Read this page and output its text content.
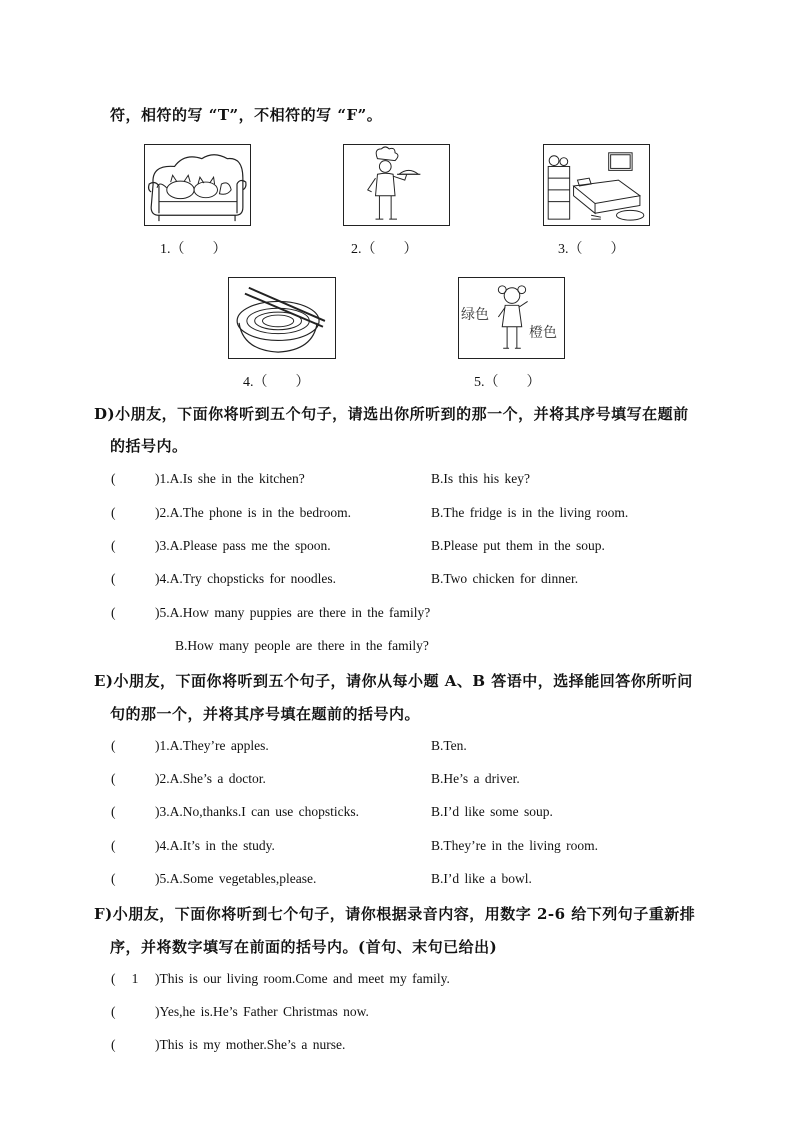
符，相符的写 “T”，不相符的写 “F”。
1.（        ）	2.（        ）	3.（        ）
4.（        ）
绿色
橙色
5.（        ）
D)小朋友，下面你将听到五个句子，请选出你所听到的那一个，并将其序号填写在题前
的括号内。
(	)1.A.Is she in the kitchen?	B.Is this his key?
(	)2.A.The phone is in the bedroom.	B.The fridge is in the living room.
(	)3.A.Please pass me the spoon.	B.Please put them in the soup.
(	)4.A.Try chopsticks for noodles.	B.Two chicken for dinner.
(	)5.A.How many puppies are there in the family?
B.How many people are there in the family?
E)小朋友，下面你将听到五个句子，请你从每小题 A、B 答语中，选择能回答你所听问
句的那一个，并将其序号填在题前的括号内。
(	)1.A.They’re apples.	B.Ten.
(	)2.A.She’s a doctor.	B.He’s a driver.
(	)3.A.No,thanks.I can use chopsticks.	B.I’d like some soup.
(	)4.A.It’s in the study.	B.They’re in the living room.
(	)5.A.Some vegetables,please.	B.I’d like a bowl.
F)小朋友，下面你将听到七个句子，请你根据录音内容，用数字 2-6 给下列句子重新排
序，并将数字填写在前面的括号内。(首句、末句已给出)
(   1 )This is our living room.Come and meet my family.
(	)Yes,he is.He’s Father Christmas now.
(	)This is my mother.She’s a nurse.
